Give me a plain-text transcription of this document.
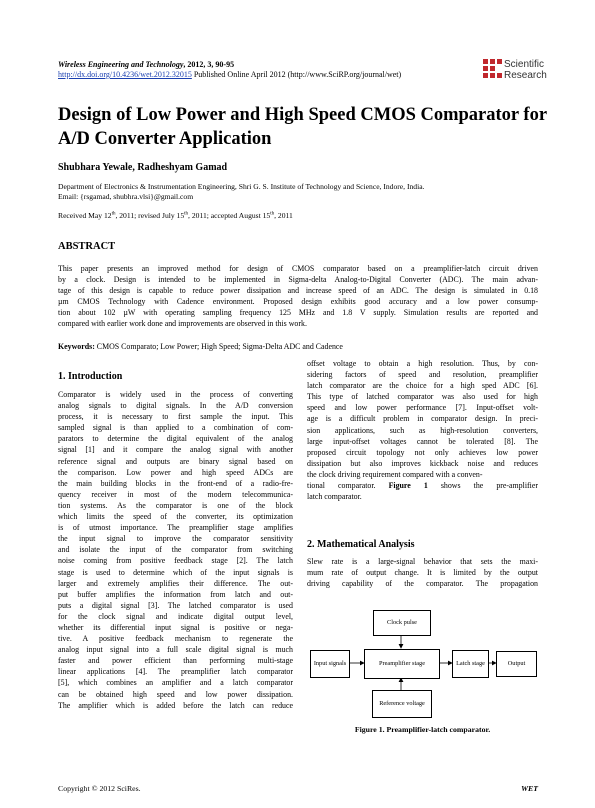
Wireless Engineering and Technology, 2012, 3, 90-95
http://dx.doi.org/10.4236/wet.2012.32015 Published Online April 2012 (http://www.SciRP.org/journal/wet)
Scientific
Research
Design of Low Power and High Speed CMOS Comparator for A/D Converter Application
Shubhara Yewale, Radheshyam Gamad
Department of Electronics & Instrumentation Engineering, Shri G. S. Institute of Technology and Science, Indore, India.
Email: {rsgamad, shubhra.vlsi}@gmail.com
Received May 12th, 2011; revised July 15th, 2011; accepted August 15th, 2011
ABSTRACT
This paper presents an improved method for design of CMOS comparator based on a preamplifier-latch circuit driven
by a clock. Design is intended to be implemented in Sigma-delta Analog-to-Digital Converter (ADC). The main advan-
tage of this design is capable to reduce power dissipation and increase speed of an ADC. The design is simulated in 0.18
µm CMOS Technology with Cadence environment. Proposed design exhibits good accuracy and a low power consump-
tion about 102 µW with operating sampling frequency 125 MHz and 1.8 V supply. Simulation results are reported and
compared with earlier work done and improvements are observed in this work.
Keywords: CMOS Comparato; Low Power; High Speed; Sigma-Delta ADC and Cadence
1. Introduction
Comparator is widely used in the process of converting
analog signals to digital signals. In the A/D conversion
process, it is necessary to first sample the input. This
sampled signal is than applied to a combination of com-
parators to determine the digital equivalent of the analog
signal [1] and it compare the analog signal with another
reference signal and outputs are binary signal based on
the comparison. Low power and high speed ADCs are
the main building blocks in the front-end of a radio-fre-
quency receiver in most of the modern telecommunica-
tion systems. As the comparator is one of the block
which limits the speed of the converter, its optimization
is of utmost importance. The preamplifier stage amplifies
the input signal to improve the comparator sensitivity
and isolate the input of the comparator from switching
noise coming from positive feedback stage [2]. The latch
stage is used to determine which of the input signals is
larger and extremely amplifies their difference. The out-
put buffer amplifies the information from latch and out-
puts a digital signal [3]. The latched comparator is used
for the clock signal and indicate digital output level,
whether its differential input signal is positive or nega-
tive. A positive feedback mechanism to regenerate the
analog input signal into a full scale digital signal is much
faster and power efficient than performing multi-stage
linear applications [4]. The preamplifier latch comparator
[5], which combines an amplifier and a latch comparator
can be obtained high speed and low power dissipation.
The amplifier which is added before the latch can reduce
offset voltage to obtain a high resolution. Thus, by con-
sidering factors of speed and resolution, preamplifier
latch comparator are the choice for a high sped ADC [6].
This type of latched comparator was also used for high
speed and low power performance [7]. Input-offset volt-
age is a difficult problem in comparator design. In preci-
sion applications, such as high-resolution converters,
large input-offset voltages cannot be tolerated [8]. The
proposed circuit topology not only achieves low power
dissipation but also improves kickback noise and reduces
the clock driving requirement compared with a conven-
tional comparator. Figure 1 shows the pre-amplifier
latch comparator.
2. Mathematical Analysis
Slew rate is a large-signal behavior that sets the maxi-
mum rate of output change. It is limited by the output
driving capability of the comparator. The propagation
Clock pulse
Input signals	Preamplifier stage	Latch stage	Output
Reference voltage
Figure 1. Preamplifier-latch comparator.
Copyright © 2012 SciRes.	WET
